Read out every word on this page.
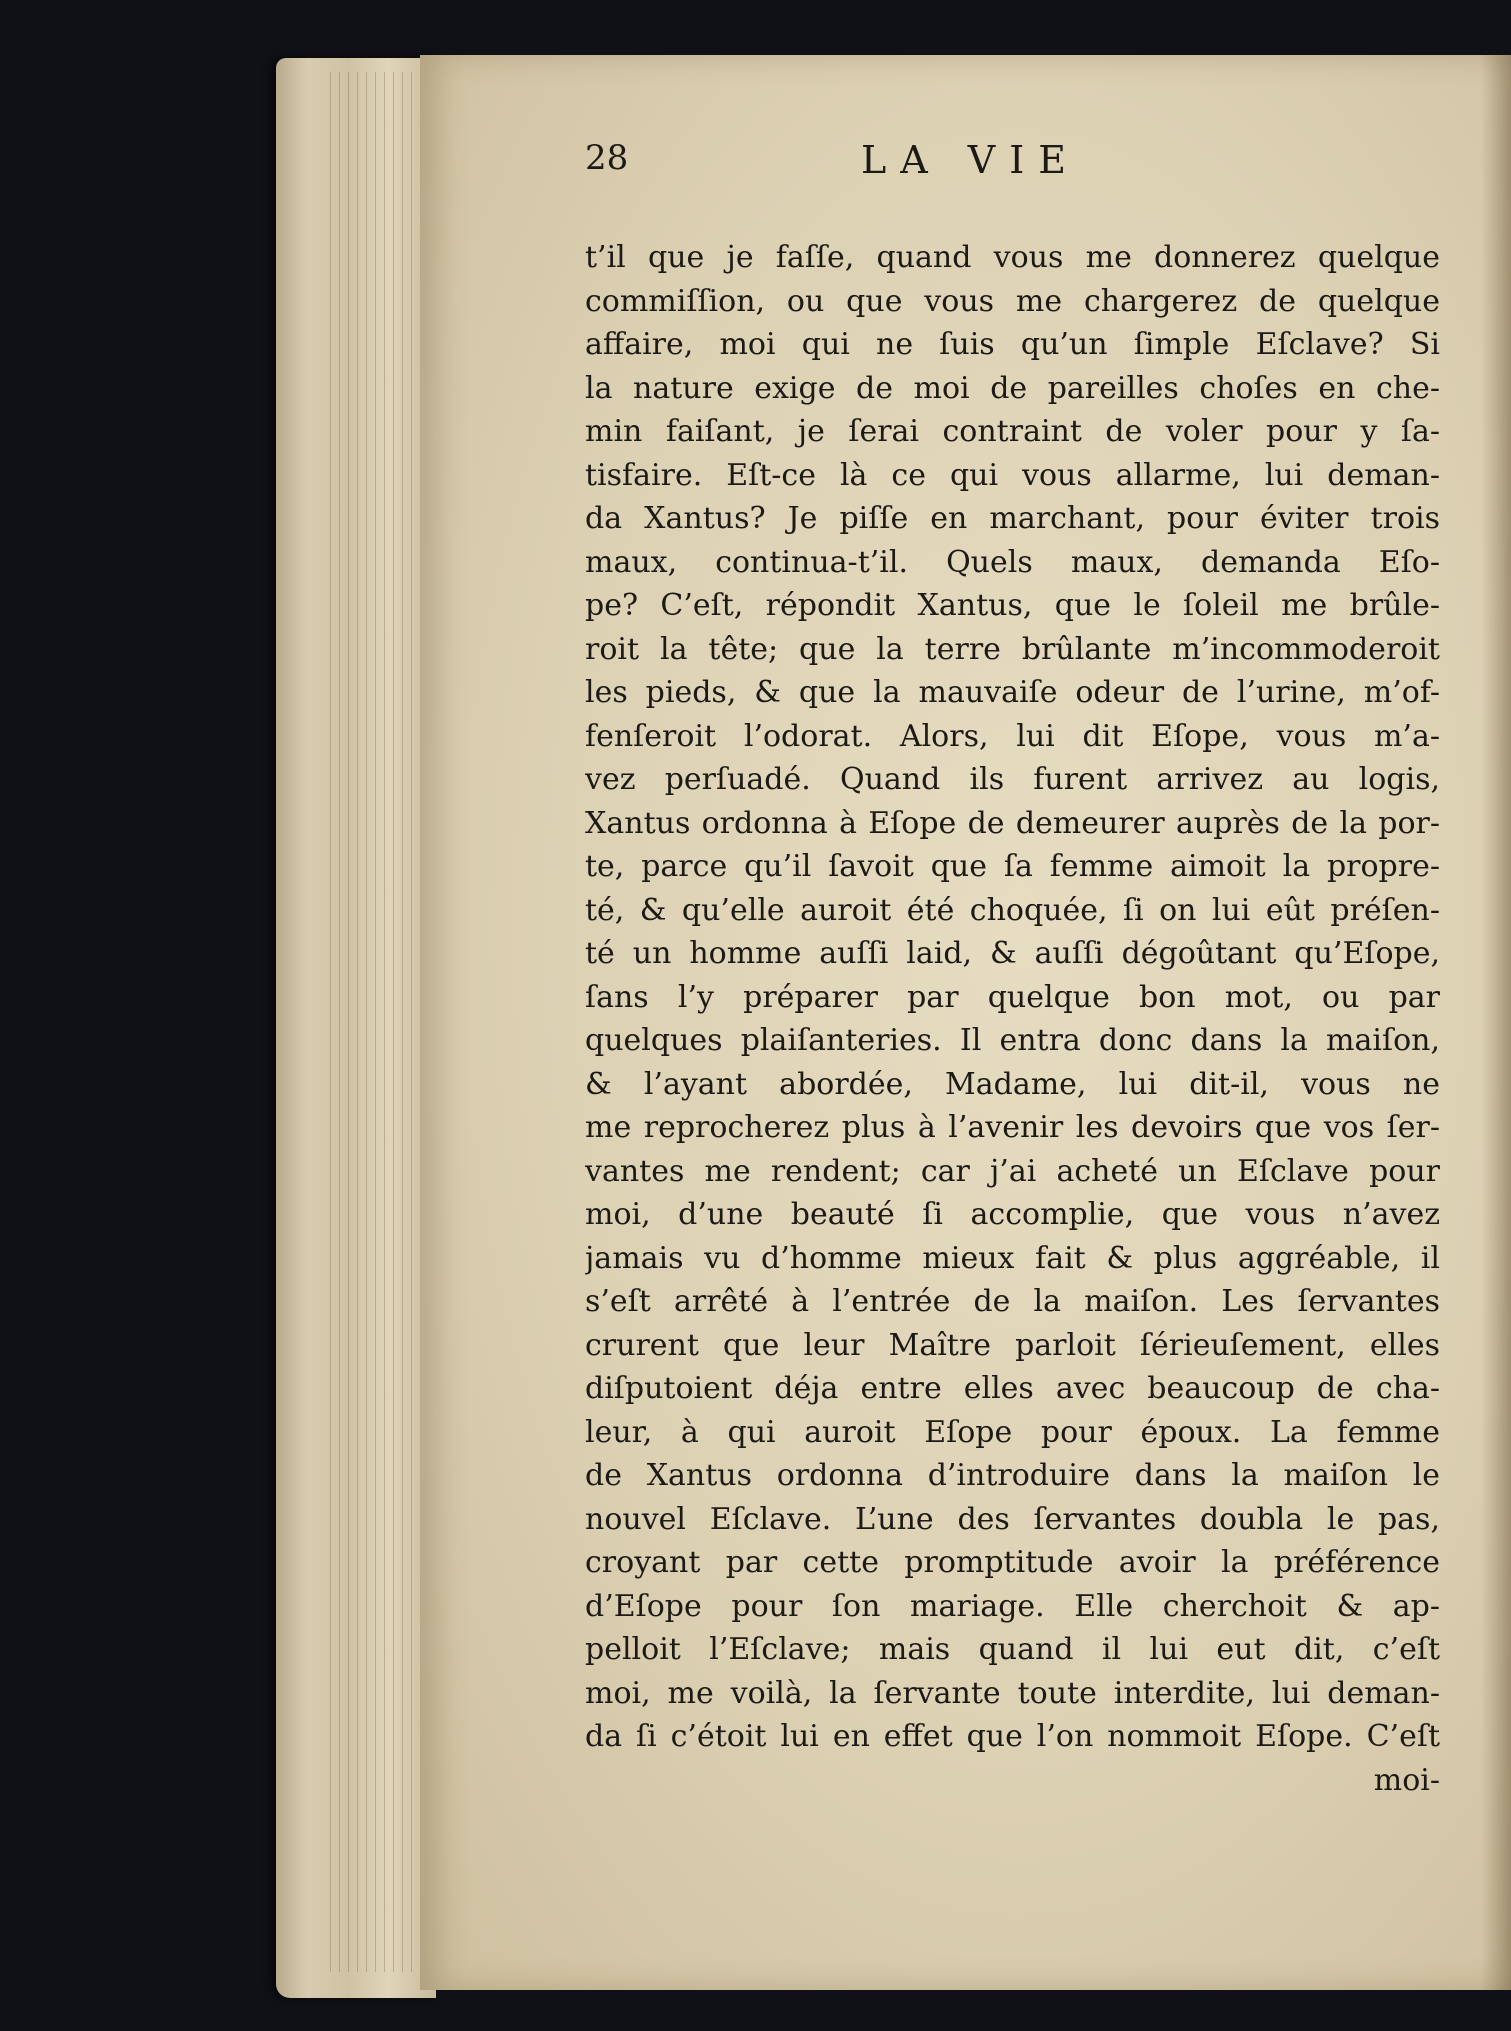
28	LA VIE
t’il que je faſſe, quand vous me donnerez quelque
commiſſion, ou que vous me chargerez de quelque
affaire, moi qui ne ſuis qu’un ſimple Eſclave? Si
la nature exige de moi de pareilles choſes en che-
min faiſant, je ſerai contraint de voler pour y ſa-
tisfaire. Eſt-ce là ce qui vous allarme, lui deman-
da Xantus? Je piſſe en marchant, pour éviter trois
maux, continua-t’il. Quels maux, demanda Eſo-
pe? C’eſt, répondit Xantus, que le ſoleil me brûle-
roit la tête; que la terre brûlante m’incommoderoit
les pieds, & que la mauvaiſe odeur de l’urine, m’of-
fenſeroit l’odorat. Alors, lui dit Eſope, vous m’a-
vez perſuadé. Quand ils furent arrivez au logis,
Xantus ordonna à Eſope de demeurer auprès de la por-
te, parce qu’il ſavoit que ſa femme aimoit la propre-
té, & qu’elle auroit été choquée, ſi on lui eût préſen-
té un homme auſſi laid, & auſſi dégoûtant qu’Eſope,
ſans l’y préparer par quelque bon mot, ou par
quelques plaiſanteries. Il entra donc dans la maiſon,
& l’ayant abordée, Madame, lui dit-il, vous ne
me reprocherez plus à l’avenir les devoirs que vos ſer-
vantes me rendent; car j’ai acheté un Eſclave pour
moi, d’une beauté ſi accomplie, que vous n’avez
jamais vu d’homme mieux fait & plus aggréable, il
s’eſt arrêté à l’entrée de la maiſon. Les ſervantes
crurent que leur Maître parloit ſérieuſement, elles
diſputoient déja entre elles avec beaucoup de cha-
leur, à qui auroit Eſope pour époux. La femme
de Xantus ordonna d’introduire dans la maiſon le
nouvel Eſclave. L’une des ſervantes doubla le pas,
croyant par cette promptitude avoir la préférence
d’Eſope pour ſon mariage. Elle cherchoit & ap-
pelloit l’Eſclave; mais quand il lui eut dit, c’eſt
moi, me voilà, la ſervante toute interdite, lui deman-
da ſi c’étoit lui en effet que l’on nommoit Eſope. C’eſt
moi-
